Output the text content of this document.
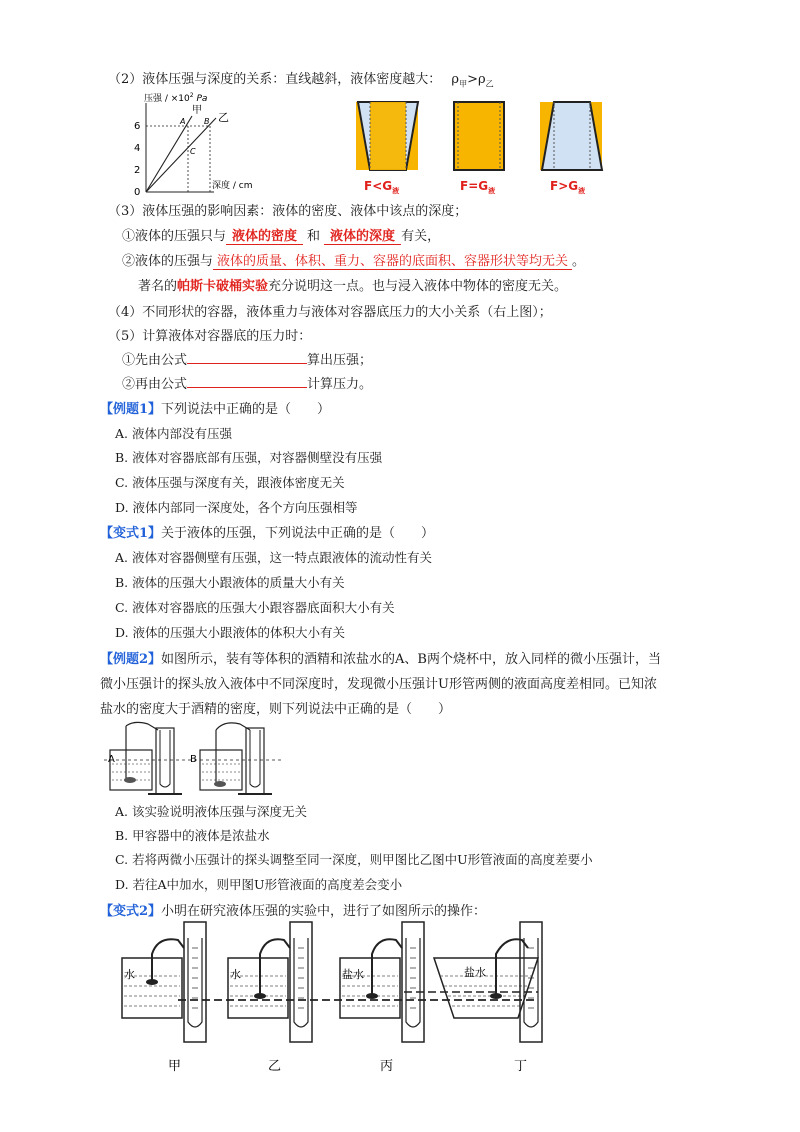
（2）液体压强与深度的关系：直线越斜，液体密度越大： $\rho_甲>\rho_乙$
压强 / $\times 10^2$ Pa
6
4
2
0
甲
乙
A B
C
深度 / cm	$F<G_液$	$F=G_液$	$F>G_液$
（3）液体压强的影响因素：液体的密度、液体中该点的深度；
①液体的压强只与 液体的密度 和 液体的深度 有关，
②液体的压强与 液体的质量、体积、重力、容器的底面积、容器形状等均无关 。
著名的帕斯卡破桶实验充分说明这一点。也与浸入液体中物体的密度无关。
（4）不同形状的容器，液体重力与液体对容器底压力的大小关系（右上图）；
（5）计算液体对容器底的压力时：
①先由公式	算出压强；
②再由公式	计算压力。
【例题1】下列说法中正确的是（　　）
A. 液体内部没有压强
B. 液体对容器底部有压强，对容器侧壁没有压强
C. 液体压强与深度有关，跟液体密度无关
D. 液体内部同一深度处，各个方向压强相等
【变式1】关于液体的压强，下列说法中正确的是（　　）
A. 液体对容器侧壁有压强，这一特点跟液体的流动性有关
B. 液体的压强大小跟液体的质量大小有关
C. 液体对容器底的压强大小跟容器底面积大小有关
D. 液体的压强大小跟液体的体积大小有关
【例题2】如图所示，装有等体积的酒精和浓盐水的A、B两个烧杯中，放入同样的微小压强计，当
微小压强计的探头放入液体中不同深度时，发现微小压强计U形管两侧的液面高度差相同。已知浓
盐水的密度大于酒精的密度，则下列说法中正确的是（　　）
A	B
A. 该实验说明液体压强与深度无关
B. 甲容器中的液体是浓盐水
C. 若将两微小压强计的探头调整至同一深度，则甲图比乙图中U形管液面的高度差要小
D. 若往A中加水，则甲图U形管液面的高度差会变小
【变式2】小明在研究液体压强的实验中，进行了如图所示的操作：
水
甲
水
乙
盐水
丙
盐水
丁
